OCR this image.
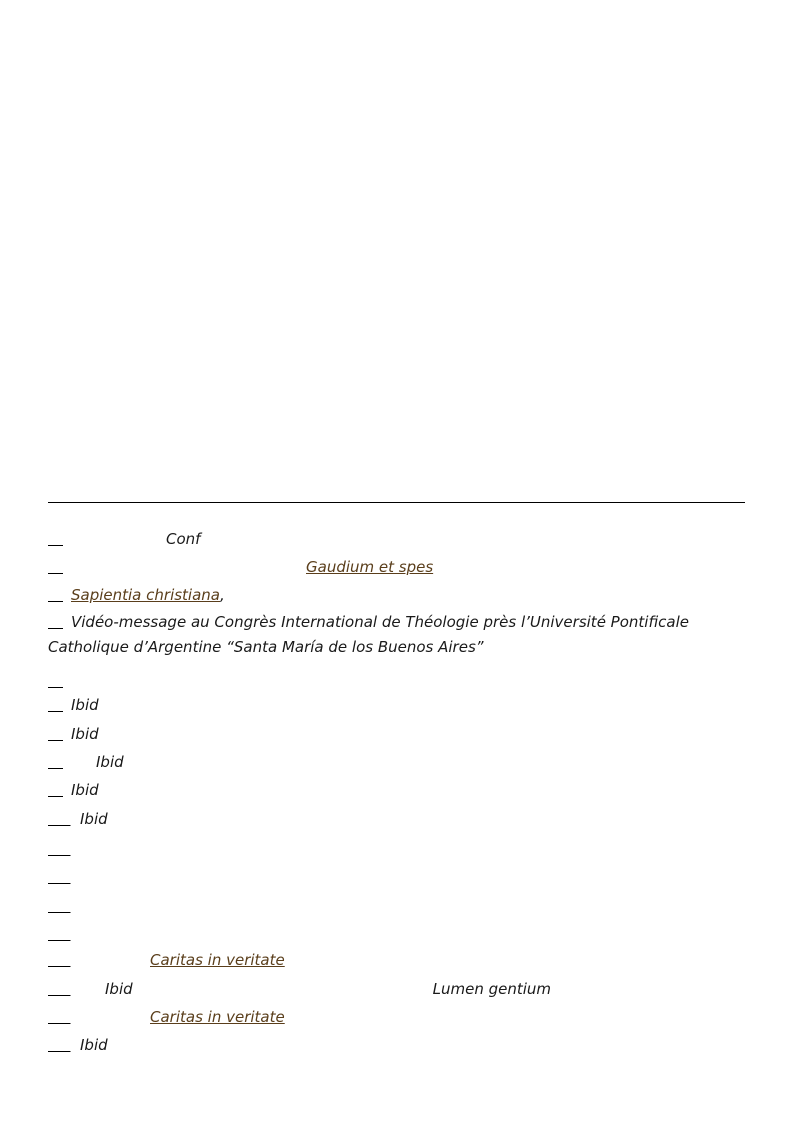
Conf
Gaudium et spes
Sapientia christiana,
Vidéo-message au Congrès International de Théologie près l’Université Pontificale Catholique d’Argentine “Santa María de los Buenos Aires”
Ibid
Ibid
Ibid
Ibid
Ibid
Caritas in veritate
Ibid	Lumen gentium
Caritas in veritate
Ibid
